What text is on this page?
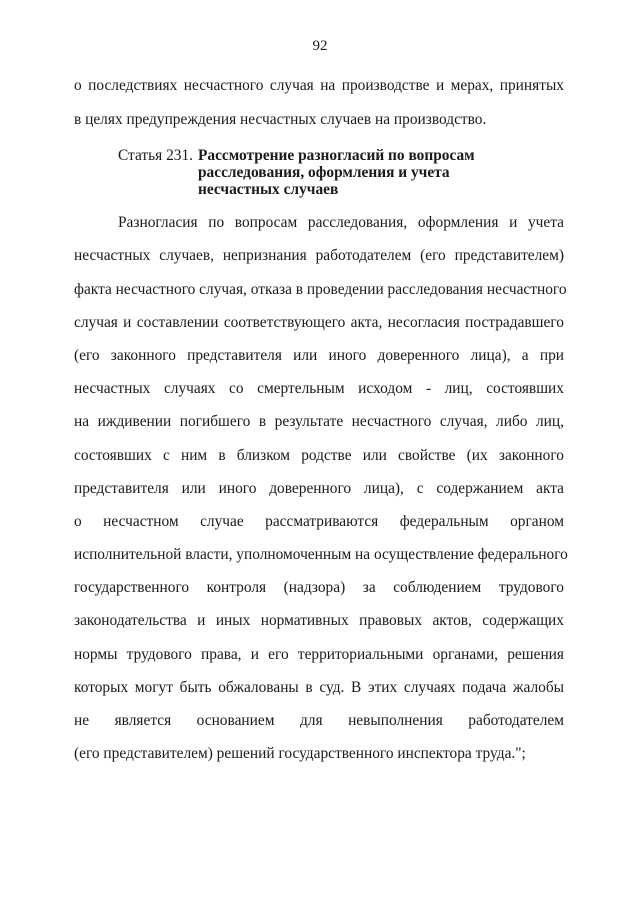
92
о последствиях несчастного случая на производстве и мерах, принятых
в целях предупреждения несчастных случаев на производство.
Статья 231. Рассмотрение разногласий по вопросам
расследования, оформления и учета
несчастных случаев
Разногласия по вопросам расследования, оформления и учета
несчастных случаев, непризнания работодателем (его представителем)
факта несчастного случая, отказа в проведении расследования несчастного
случая и составлении соответствующего акта, несогласия пострадавшего
(его законного представителя или иного доверенного лица), а при
несчастных случаях со смертельным исходом - лиц, состоявших
на иждивении погибшего в результате несчастного случая, либо лиц,
состоявших с ним в близком родстве или свойстве (их законного
представителя или иного доверенного лица), с содержанием акта
о несчастном случае рассматриваются федеральным органом
исполнительной власти, уполномоченным на осуществление федерального
государственного контроля (надзора) за соблюдением трудового
законодательства и иных нормативных правовых актов, содержащих
нормы трудового права, и его территориальными органами, решения
которых могут быть обжалованы в суд. В этих случаях подача жалобы
не является основанием для невыполнения работодателем
(его представителем) решений государственного инспектора труда.";
